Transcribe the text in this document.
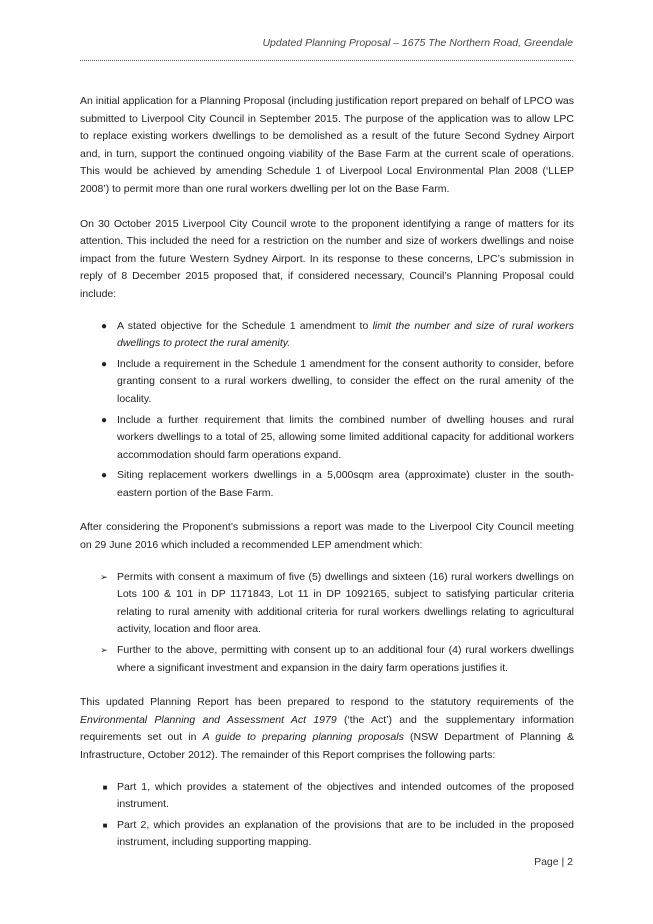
Updated Planning Proposal – 1675 The Northern Road, Greendale

An initial application for a Planning Proposal (including justification report prepared on behalf of LPCO was submitted to Liverpool City Council in September 2015. The purpose of the application was to allow LPC to replace existing workers dwellings to be demolished as a result of the future Second Sydney Airport and, in turn, support the continued ongoing viability of the Base Farm at the current scale of operations. This would be achieved by amending Schedule 1 of Liverpool Local Environmental Plan 2008 (‘LLEP 2008’) to permit more than one rural workers dwelling per lot on the Base Farm.

On 30 October 2015 Liverpool City Council wrote to the proponent identifying a range of matters for its attention. This included the need for a restriction on the number and size of workers dwellings and noise impact from the future Western Sydney Airport. In its response to these concerns, LPC’s submission in reply of 8 December 2015 proposed that, if considered necessary, Council’s Planning Proposal could include:

● A stated objective for the Schedule 1 amendment to limit the number and size of rural workers dwellings to protect the rural amenity.
● Include a requirement in the Schedule 1 amendment for the consent authority to consider, before granting consent to a rural workers dwelling, to consider the effect on the rural amenity of the locality.
● Include a further requirement that limits the combined number of dwelling houses and rural workers dwellings to a total of 25, allowing some limited additional capacity for additional workers accommodation should farm operations expand.
● Siting replacement workers dwellings in a 5,000sqm area (approximate) cluster in the south-eastern portion of the Base Farm.

After considering the Proponent’s submissions a report was made to the Liverpool City Council meeting on 29 June 2016 which included a recommended LEP amendment which:

➢ Permits with consent a maximum of five (5) dwellings and sixteen (16) rural workers dwellings on Lots 100 & 101 in DP 1171843, Lot 11 in DP 1092165, subject to satisfying particular criteria relating to rural amenity with additional criteria for rural workers dwellings relating to agricultural activity, location and floor area.
➢ Further to the above, permitting with consent up to an additional four (4) rural workers dwellings where a significant investment and expansion in the dairy farm operations justifies it.

This updated Planning Report has been prepared to respond to the statutory requirements of the Environmental Planning and Assessment Act 1979 (‘the Act’) and the supplementary information requirements set out in A guide to preparing planning proposals (NSW Department of Planning & Infrastructure, October 2012). The remainder of this Report comprises the following parts:

■ Part 1, which provides a statement of the objectives and intended outcomes of the proposed instrument.
■ Part 2, which provides an explanation of the provisions that are to be included in the proposed instrument, including supporting mapping.
Page | 2
